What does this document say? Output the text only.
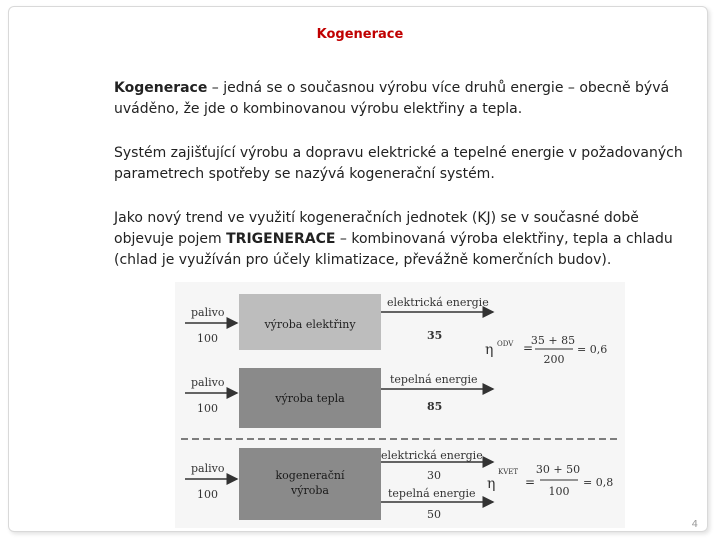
Kogenerace
Kogenerace – jedná se o současnou výrobu více druhů energie – obecně bývá uváděno, že jde o kombinovanou výrobu elektřiny a tepla.
Systém zajišťující výrobu a dopravu elektrické a tepelné energie v požadovaných parametrech spotřeby se nazývá kogenerační systém.
Jako nový trend ve využití kogeneračních jednotek (KJ) se v současné době objevuje pojem TRIGENERACE – kombinovaná výroba elektřiny, tepla a chladu (chlad je využíván pro účely klimatizace, převážně komerčních budov).
palivo
100
výroba elektřiny
elektrická energie
35
η ODV =
35 + 85
200
= 0,6
palivo
100
výroba tepla
tepelná energie
85
palivo
100
kogenerační
výroba
elektrická energie
30
tepelná energie
50
η
KVET
=
30 + 50
100
= 0,8
4
